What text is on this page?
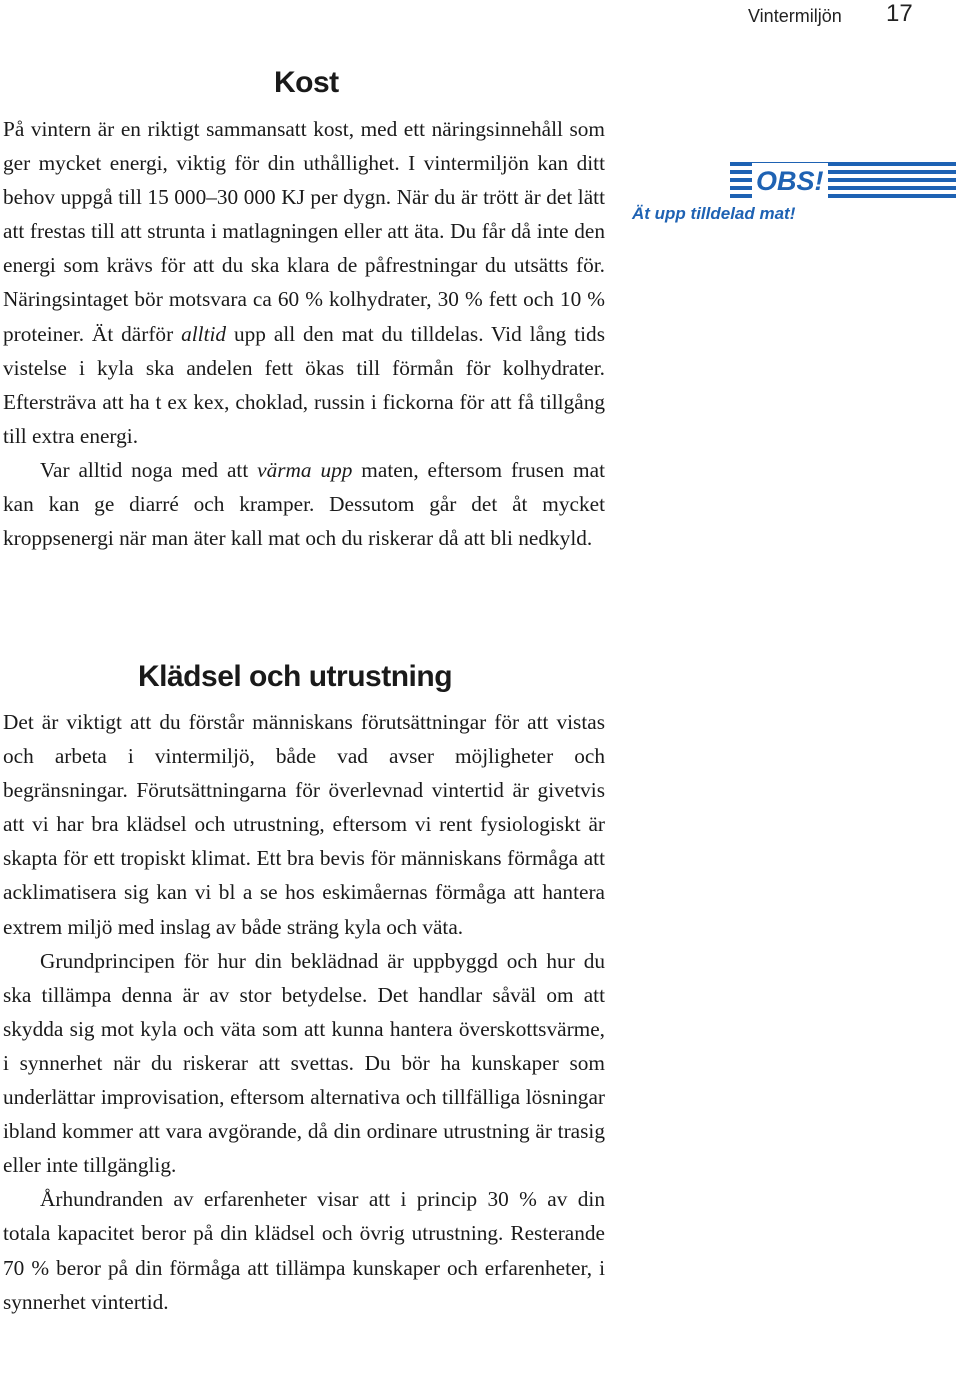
Vintermiljön 17
Kost

På vintern är en riktigt sammansatt kost, med ett näringsinnehåll som ger mycket energi, viktig för din uthållighet. I vintermiljön kan ditt behov uppgå till 15 000–30 000 KJ per dygn. När du är trött är det lätt att frestas till att strunta i matlagningen eller att äta. Du får då inte den energi som krävs för att du ska klara de påfrestningar du utsätts för. Näringsintaget bör motsvara ca 60 % kolhydrater, 30 % fett och 10 % proteiner. Ät därför alltid upp all den mat du tilldelas. Vid lång tids vistelse i kyla ska andelen fett ökas till förmån för kolhydrater. Eftersträva att ha t ex kex, choklad, russin i fickorna för att få tillgång till extra energi.

Var alltid noga med att värma upp maten, eftersom frusen mat kan kan ge diarré och kramper. Dessutom går det åt mycket kroppsenergi när man äter kall mat och du riskerar då att bli nedkyld.

OBS!
Ät upp tilldelad mat!
Klädsel och utrustning

Det är viktigt att du förstår människans förutsättningar för att vistas och arbeta i vintermiljö, både vad avser möjligheter och begränsningar. Förutsättningarna för överlevnad vintertid är givetvis att vi har bra klädsel och utrustning, eftersom vi rent fysiologiskt är skapta för ett tropiskt klimat. Ett bra bevis för människans förmåga att acklimatisera sig kan vi bl a se hos eskimåernas förmåga att hantera extrem miljö med inslag av både sträng kyla och väta.

Grundprincipen för hur din beklädnad är uppbyggd och hur du ska tillämpa denna är av stor betydelse. Det handlar såväl om att skydda sig mot kyla och väta som att kunna hantera överskottsvärme, i synnerhet när du riskerar att svettas. Du bör ha kunskaper som underlättar improvisation, eftersom alternativa och tillfälliga lösningar ibland kommer att vara avgörande, då din ordinare utrustning är trasig eller inte tillgänglig.

Århundranden av erfarenheter visar att i princip 30 % av din totala kapacitet beror på din klädsel och övrig utrustning. Resterande 70 % beror på din förmåga att tillämpa kunskaper och erfarenheter, i synnerhet vintertid.
